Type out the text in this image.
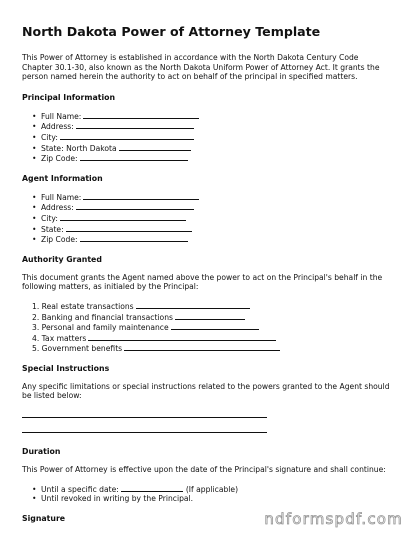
North Dakota Power of Attorney Template

This Power of Attorney is established in accordance with the North Dakota Century Code Chapter 30.1-30, also known as the North Dakota Uniform Power of Attorney Act. It grants the person named herein the authority to act on behalf of the principal in specified matters.

Principal Information
• Full Name:
• Address:
• City:
• State: North Dakota
• Zip Code:
Agent Information
• Full Name:
• Address:
• City:
• State:
• Zip Code:
Authority Granted

This document grants the Agent named above the power to act on the Principal's behalf in the following matters, as initialed by the Principal:

1. Real estate transactions
2. Banking and financial transactions
3. Personal and family maintenance
4. Tax matters
5. Government benefits
Special Instructions

Any specific limitations or special instructions related to the powers granted to the Agent should be listed below:

Duration

This Power of Attorney is effective upon the date of the Principal's signature and shall continue:

• Until a specific date:	(If applicable)
• Until revoked in writing by the Principal.
Signature	ndformspdf.com
